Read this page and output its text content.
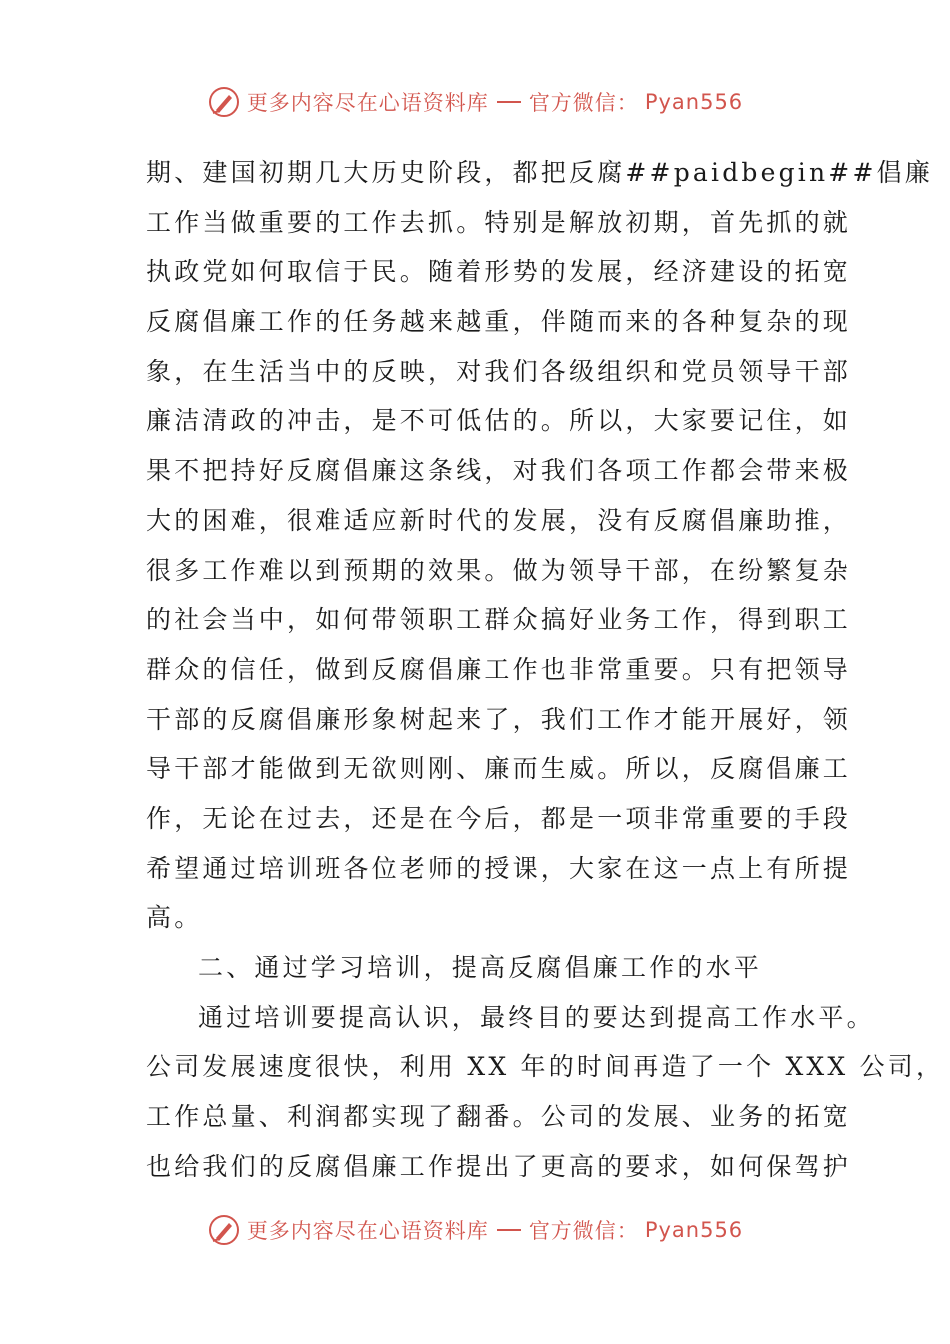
更多内容尽在心语资料库 官方微信： Pyan556
期、建国初期几大历史阶段，都把反腐##paidbegin##倡廉
工作当做重要的工作去抓。特别是解放初期，首先抓的就
执政党如何取信于民。随着形势的发展，经济建设的拓宽
反腐倡廉工作的任务越来越重，伴随而来的各种复杂的现
象，在生活当中的反映，对我们各级组织和党员领导干部
廉洁清政的冲击，是不可低估的。所以，大家要记住，如
果不把持好反腐倡廉这条线，对我们各项工作都会带来极
大的困难，很难适应新时代的发展，没有反腐倡廉助推，
很多工作难以到预期的效果。做为领导干部，在纷繁复杂
的社会当中，如何带领职工群众搞好业务工作，得到职工
群众的信任，做到反腐倡廉工作也非常重要。只有把领导
干部的反腐倡廉形象树起来了，我们工作才能开展好，领
导干部才能做到无欲则刚、廉而生威。所以，反腐倡廉工
作，无论在过去，还是在今后，都是一项非常重要的手段
希望通过培训班各位老师的授课，大家在这一点上有所提
高。
二、通过学习培训，提高反腐倡廉工作的水平
通过培训要提高认识，最终目的要达到提高工作水平。
公司发展速度很快，利用 XX 年的时间再造了一个 XXX 公司，
工作总量、利润都实现了翻番。公司的发展、业务的拓宽
也给我们的反腐倡廉工作提出了更高的要求，如何保驾护
更多内容尽在心语资料库 官方微信： Pyan556
